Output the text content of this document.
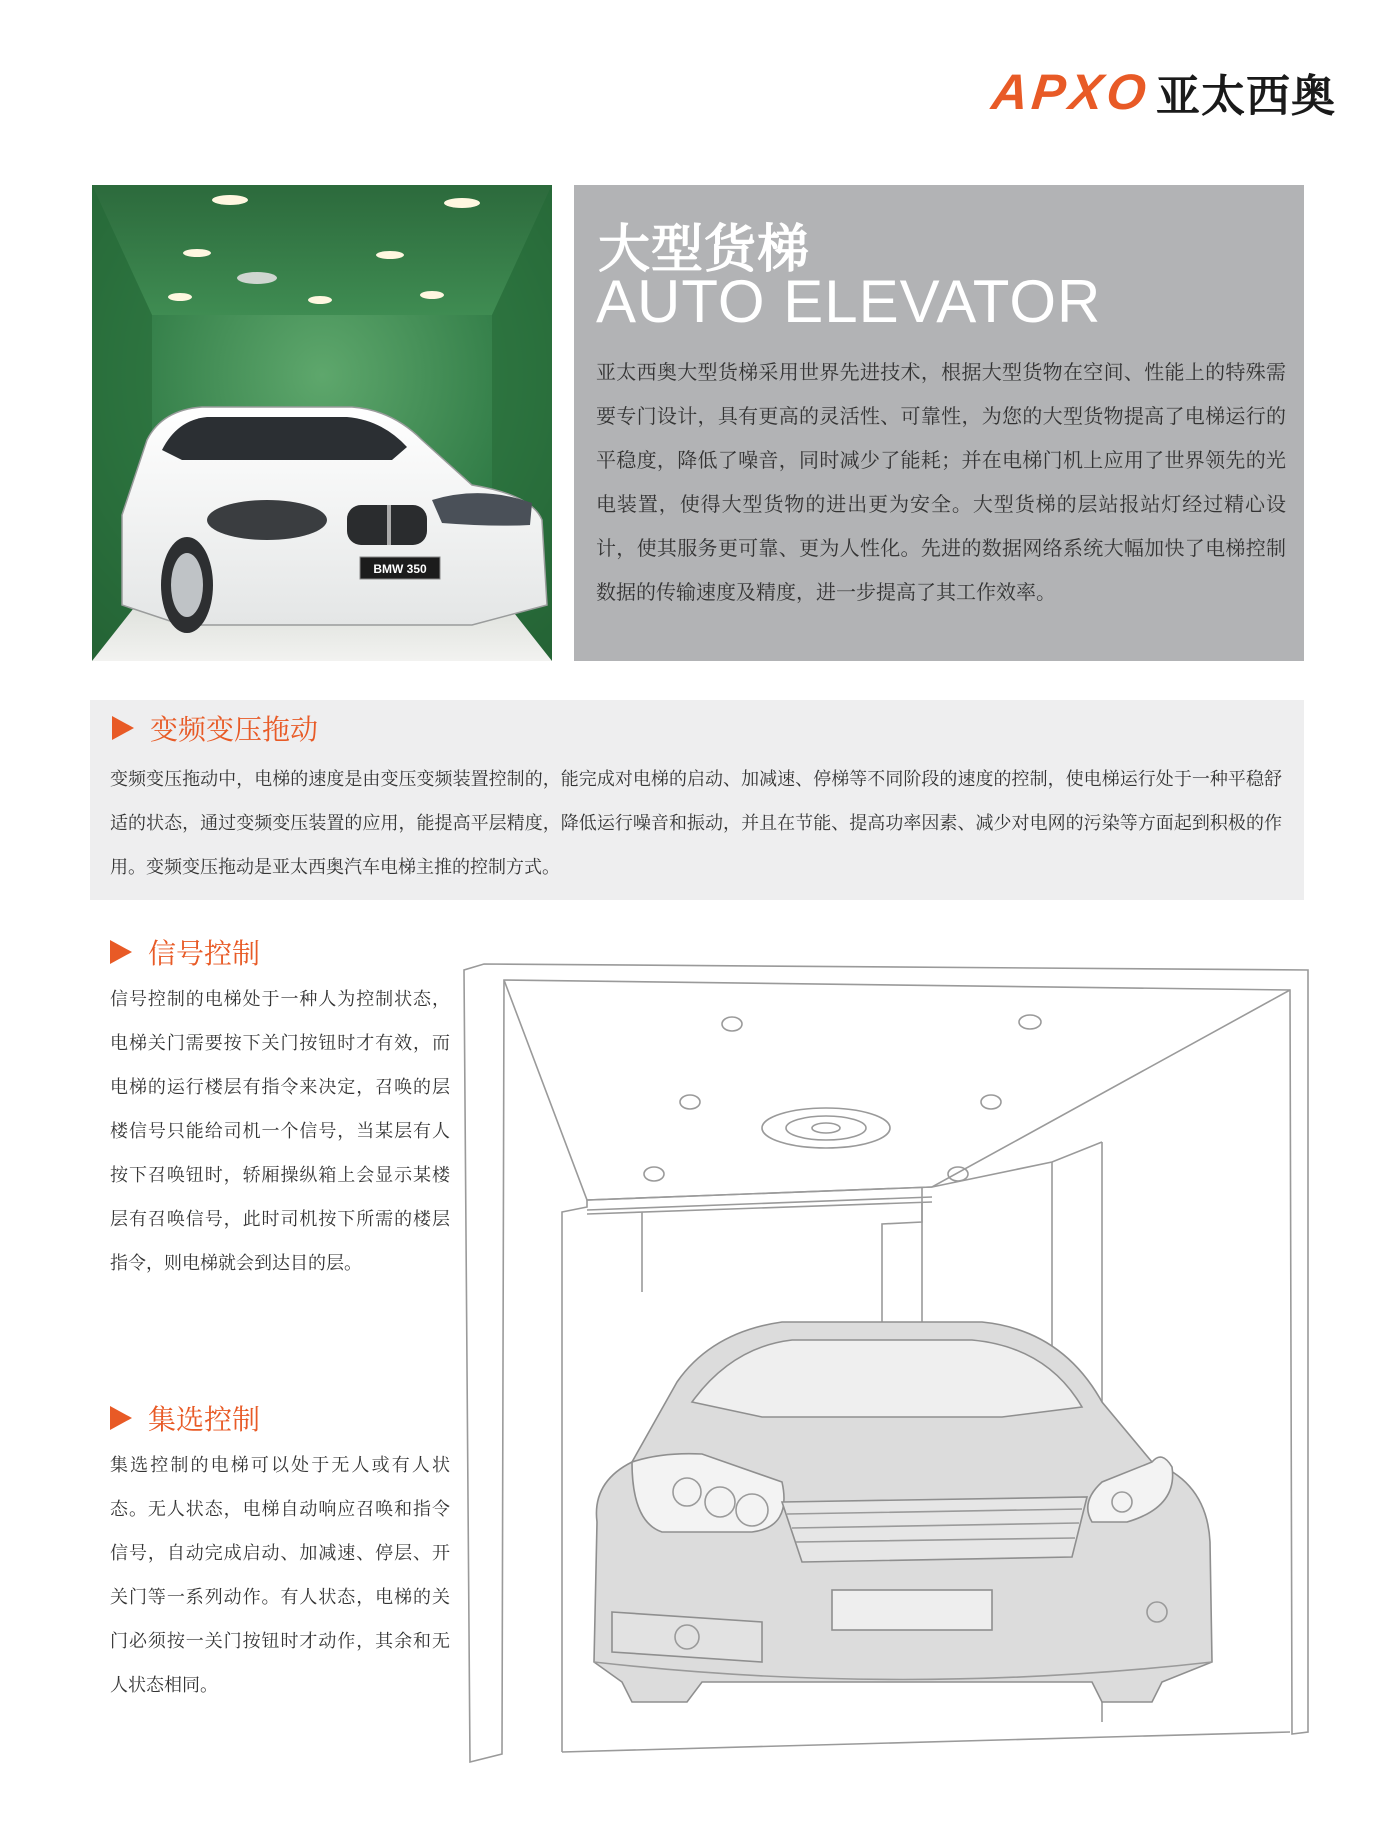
APXO 亚太西奥
BMW 350
大型货梯
AUTO ELEVATOR
亚太西奥大型货梯采用世界先进技术，根据大型货物在空间、性能上的特殊需要专门设计，具有更高的灵活性、可靠性，为您的大型货物提高了电梯运行的平稳度，降低了噪音，同时减少了能耗；并在电梯门机上应用了世界领先的光电装置，使得大型货物的进出更为安全。大型货梯的层站报站灯经过精心设计，使其服务更可靠、更为人性化。先进的数据网络系统大幅加快了电梯控制数据的传输速度及精度，进一步提高了其工作效率。
变频变压拖动
变频变压拖动中，电梯的速度是由变压变频装置控制的，能完成对电梯的启动、加减速、停梯等不同阶段的速度的控制，使电梯运行处于一种平稳舒适的状态，通过变频变压装置的应用，能提高平层精度，降低运行噪音和振动，并且在节能、提高功率因素、减少对电网的污染等方面起到积极的作用。变频变压拖动是亚太西奥汽车电梯主推的控制方式。
信号控制
信号控制的电梯处于一种人为控制状态，电梯关门需要按下关门按钮时才有效，而电梯的运行楼层有指令来决定，召唤的层楼信号只能给司机一个信号，当某层有人按下召唤钮时，轿厢操纵箱上会显示某楼层有召唤信号，此时司机按下所需的楼层指令，则电梯就会到达目的层。
集选控制
集选控制的电梯可以处于无人或有人状态。无人状态，电梯自动响应召唤和指令信号，自动完成启动、加减速、停层、开关门等一系列动作。有人状态，电梯的关门必须按一关门按钮时才动作，其余和无人状态相同。
